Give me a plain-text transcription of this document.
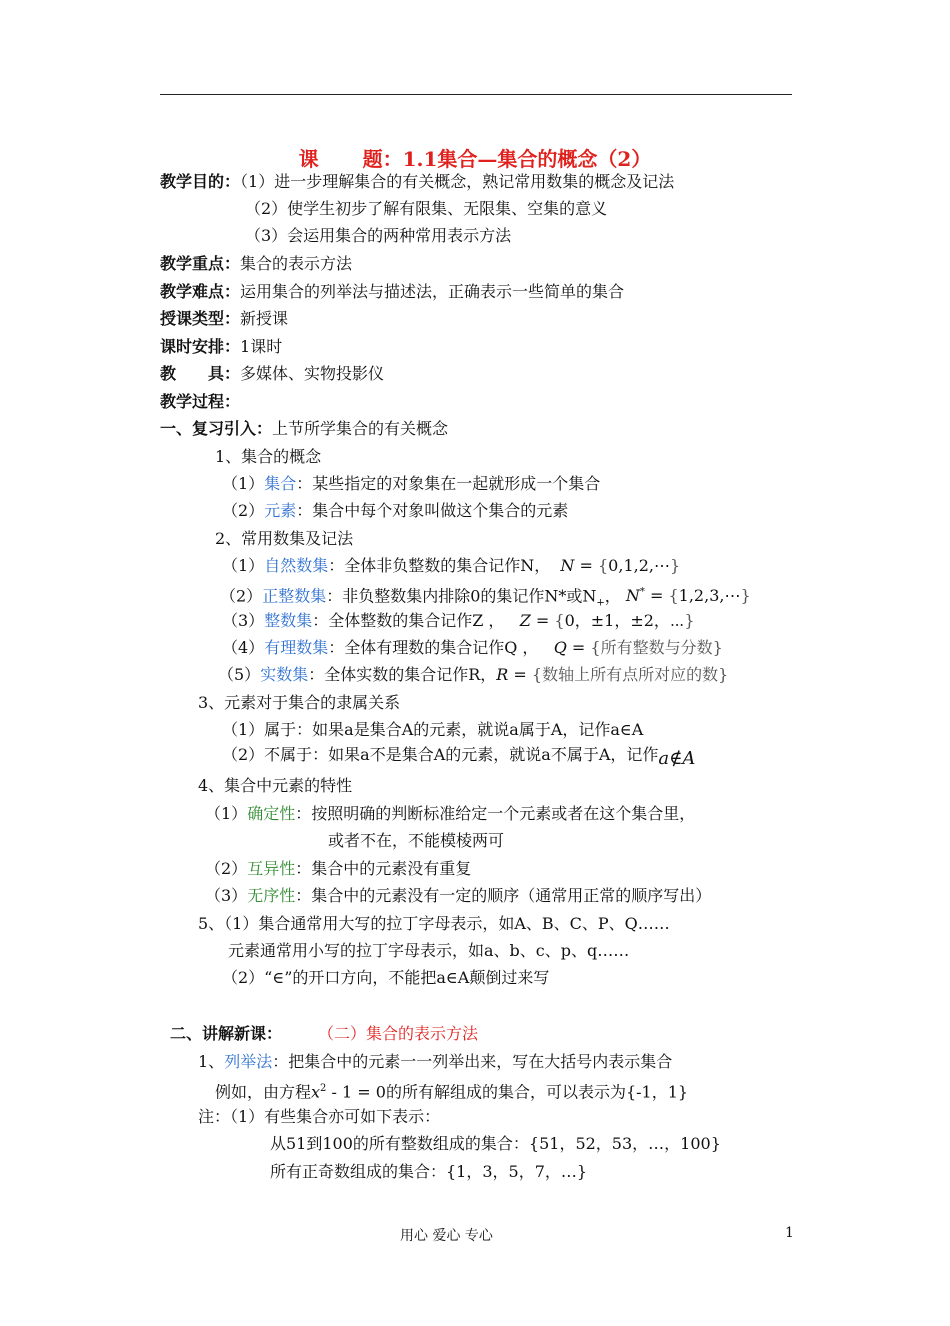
课 题：1.1集合—集合的概念（2）
教学目的：（1）进一步理解集合的有关概念，熟记常用数集的概念及记法
（2）使学生初步了解有限集、无限集、空集的意义
（3）会运用集合的两种常用表示方法
教学重点：集合的表示方法
教学难点：运用集合的列举法与描述法，正确表示一些简单的集合
授课类型：新授课
课时安排：1课时
教　　具：多媒体、实物投影仪
教学过程：
一、复习引入：上节所学集合的有关概念
1、集合的概念
（1）集合：某些指定的对象集在一起就形成一个集合
（2）元素：集合中每个对象叫做这个集合的元素
2、常用数集及记法
（1）自然数集：全体非负整数的集合记作N， N = {0,1,2,⋯}
（2）正整数集：非负整数集内排除0的集记作N*或$N_+$， N* = {1,2,3,⋯}
（3）整数集：全体整数的集合记作Z ， Z = {0，±1，±2，⋯}
（4）有理数集：全体有理数的集合记作Q ， Q = {所有整数与分数}
（5）实数集：全体实数的集合记作R，R = {数轴上所有点所对应的数}
3、元素对于集合的隶属关系
（1）属于：如果a是集合A的元素，就说a属于A，记作a∈A
（2）不属于：如果a不是集合A的元素，就说a不属于A，记作a∉A
4、集合中元素的特性
（1）确定性：按照明确的判断标准给定一个元素或者在这个集合里，
或者不在，不能模棱两可
（2）互异性：集合中的元素没有重复
（3）无序性：集合中的元素没有一定的顺序（通常用正常的顺序写出）
5、（1）集合通常用大写的拉丁字母表示，如A、B、C、P、Q……
元素通常用小写的拉丁字母表示，如a、b、c、p、q……
（2）“∈”的开口方向，不能把a∈A颠倒过来写
二、讲解新课： （二）集合的表示方法
1、列举法：把集合中的元素一一列举出来，写在大括号内表示集合
例如，由方程$x^2 - 1 = 0$的所有解组成的集合，可以表示为{-1，1}
注：（1）有些集合亦可如下表示：
从51到100的所有整数组成的集合：{51，52，53，…，100}
所有正奇数组成的集合：{1，3，5，7，…}
用心 爱心 专心	1
